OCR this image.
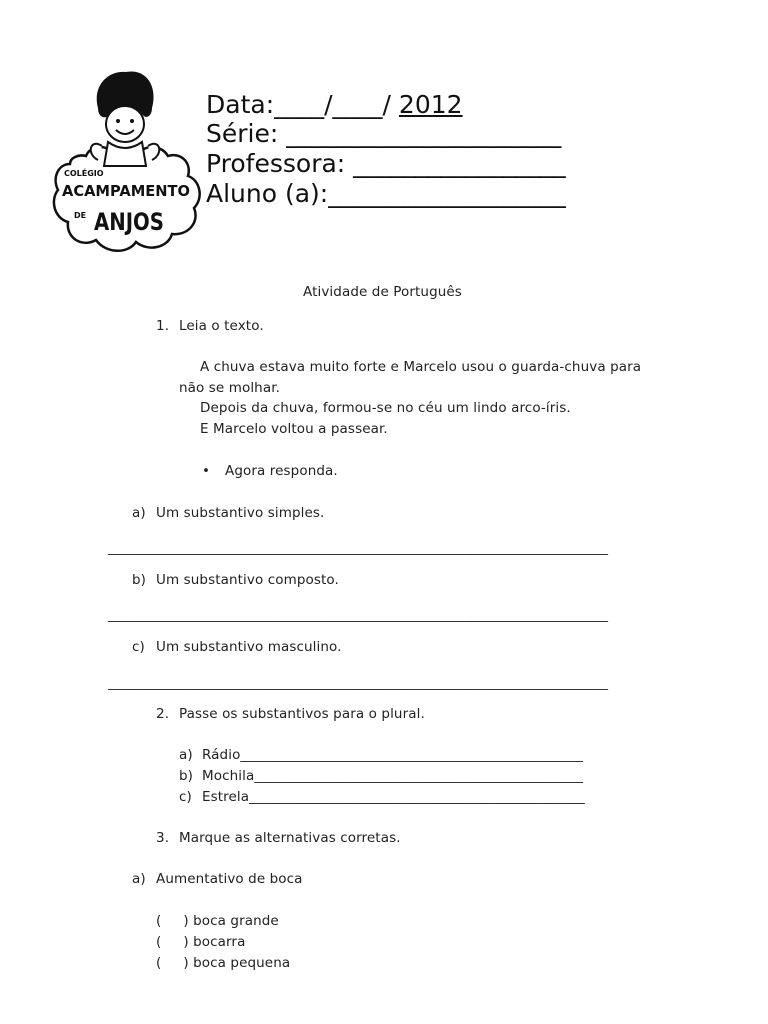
COLÉGIO
ACAMPAMENTO
DE ANJOS
Data:____/____/ 2012
Série: ______________________
Professora: _________________
Aluno (a):___________________
Atividade de Português
1. Leia o texto.
A chuva estava muito forte e Marcelo usou o guarda-chuva para
não se molhar.
Depois da chuva, formou-se no céu um lindo arco-íris.
E Marcelo voltou a passear.
• Agora responda.
a) Um substantivo simples.
_________________________________________________________________________
b) Um substantivo composto.
_________________________________________________________________________
c) Um substantivo masculino.
_________________________________________________________________________
2. Passe os substantivos para o plural.
a) Rádio__________________________________________________
b) Mochila________________________________________________
c) Estrela_________________________________________________
3. Marque as alternativas corretas.
a) Aumentativo de boca
(     ) boca grande
(     ) bocarra
(     ) boca pequena
